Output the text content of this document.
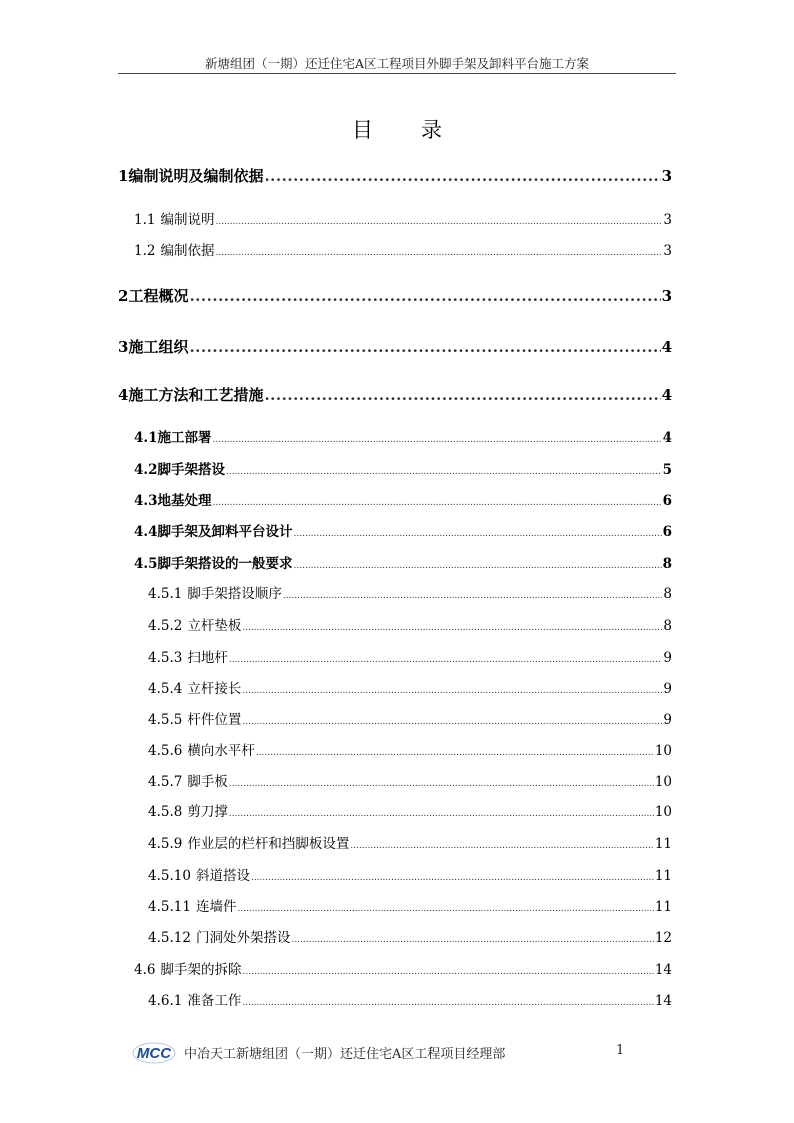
新塘组团（一期）还迁住宅A区工程项目外脚手架及卸料平台施工方案
目录
1 编制说明及编制依据 .....	3
1.1 编制说明 .....	3
1.2 编制依据 .....	3
2 工程概况 .....	3
3 施工组织 .....	4
4 施工方法和工艺措施 .....	4
4.1 施工部署 .....	4
4.2 脚手架搭设 .....	5
4.3 地基处理 .....	6
4.4 脚手架及卸料平台设计 .....	6
4.5 脚手架搭设的一般要求 .....	8
4.5.1 脚手架搭设顺序 .....	8
4.5.2 立杆垫板 .....	8
4.5.3 扫地杆 .....	9
4.5.4 立杆接长 .....	9
4.5.5 杆件位置 .....	9
4.5.6 横向水平杆 .....	10
4.5.7 脚手板 .....	10
4.5.8 剪刀撑 .....	10
4.5.9 作业层的栏杆和挡脚板设置 .....	11
4.5.10 斜道搭设 .....	11
4.5.11 连墙件 .....	11
4.5.12 门洞处外架搭设 .....	12
4.6 脚手架的拆除 .....	14
4.6.1 准备工作 .....	14
MCC 中冶天工新塘组团（一期）还迁住宅A区工程项目经理部	1
